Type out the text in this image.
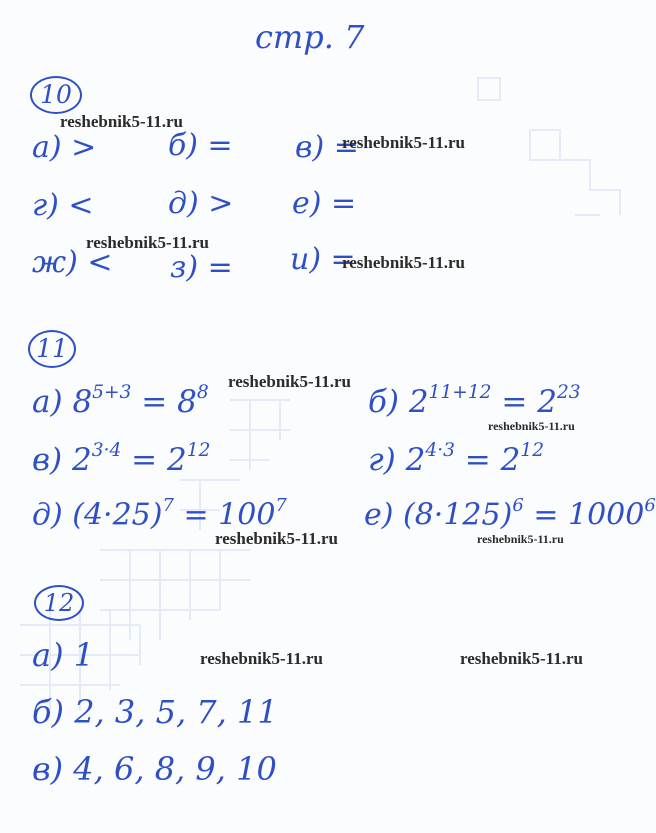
стр. 7
10
а) > б) = в) =
г) < д) > е) =
ж) < з) = и) =
11
а) $8^{5+3} = 8^8$	б) $2^{11+12} = 2^{23}$
в) $2^{3\cdot 4} = 2^{12}$	г) $2^{4\cdot 3} = 2^{12}$
д) $(4\cdot 25)^7 = 100^7$	е) $(8\cdot 125)^6 = 1000^6$
12
а) 1
б) 2, 3, 5, 7, 11
в) 4, 6, 8, 9, 10
reshebnik5-11.ru
reshebnik5-11.ru
reshebnik5-11.ru
reshebnik5-11.ru
reshebnik5-11.ru
reshebnik5-11.ru
reshebnik5-11.ru	reshebnik5-11.ru
reshebnik5-11.ru	reshebnik5-11.ru
